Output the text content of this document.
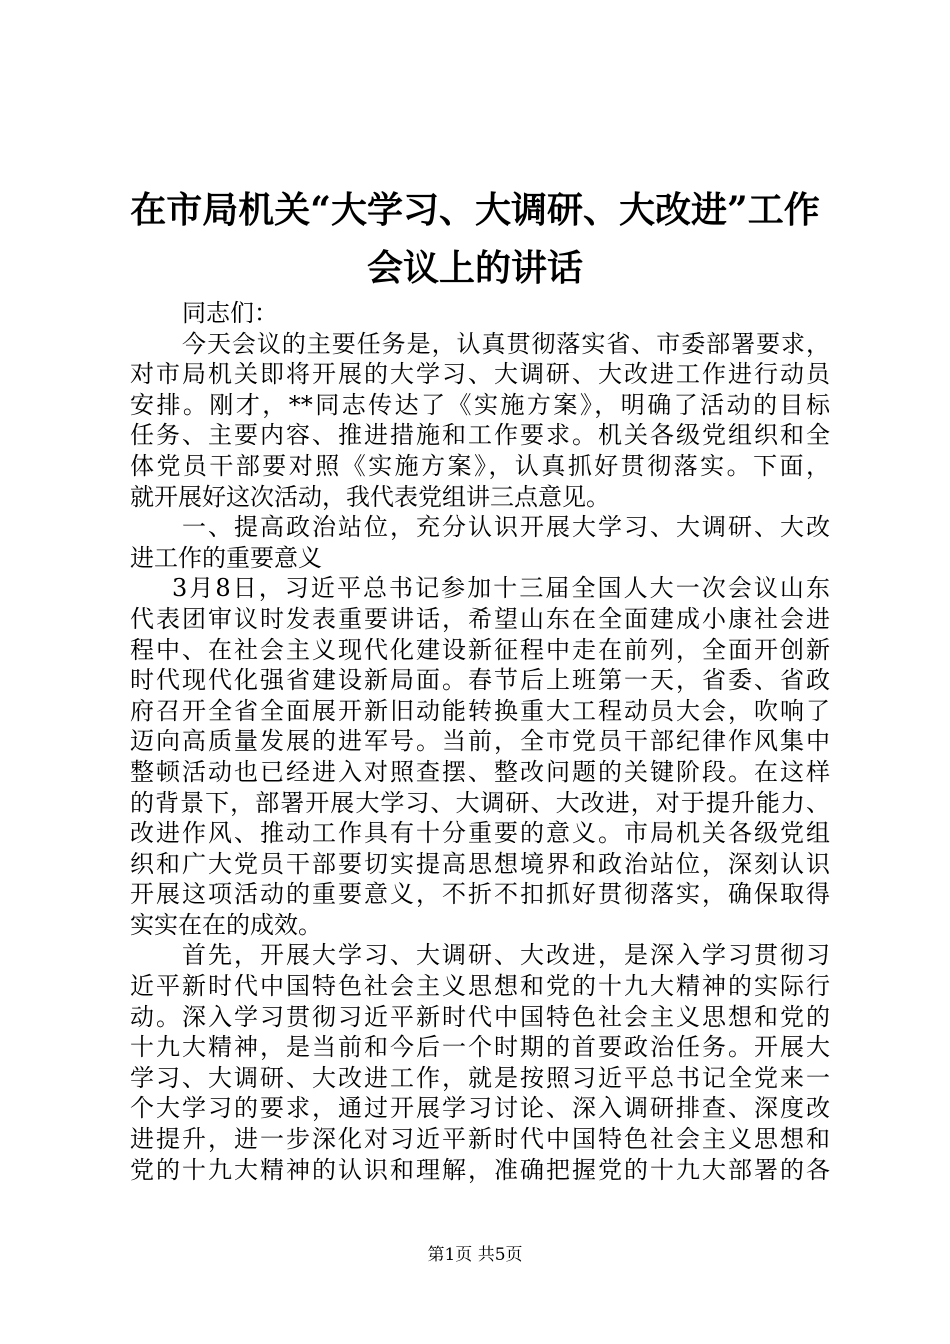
在市局机关“大学习、大调研、大改进”工作
会议上的讲话
同志们：
今天会议的主要任务是，认真贯彻落实省、市委部署要求，
对市局机关即将开展的大学习、大调研、大改进工作进行动员
安排。刚才，**同志传达了《实施方案》，明确了活动的目标
任务、主要内容、推进措施和工作要求。机关各级党组织和全
体党员干部要对照《实施方案》，认真抓好贯彻落实。下面，
就开展好这次活动，我代表党组讲三点意见。
一、提高政治站位，充分认识开展大学习、大调研、大改
进工作的重要意义
3月8日，习近平总书记参加十三届全国人大一次会议山东
代表团审议时发表重要讲话，希望山东在全面建成小康社会进
程中、在社会主义现代化建设新征程中走在前列，全面开创新
时代现代化强省建设新局面。春节后上班第一天，省委、省政
府召开全省全面展开新旧动能转换重大工程动员大会，吹响了
迈向高质量发展的进军号。当前，全市党员干部纪律作风集中
整顿活动也已经进入对照查摆、整改问题的关键阶段。在这样
的背景下，部署开展大学习、大调研、大改进，对于提升能力、
改进作风、推动工作具有十分重要的意义。市局机关各级党组
织和广大党员干部要切实提高思想境界和政治站位，深刻认识
开展这项活动的重要意义，不折不扣抓好贯彻落实，确保取得
实实在在的成效。
首先，开展大学习、大调研、大改进，是深入学习贯彻习
近平新时代中国特色社会主义思想和党的十九大精神的实际行
动。深入学习贯彻习近平新时代中国特色社会主义思想和党的
十九大精神，是当前和今后一个时期的首要政治任务。开展大
学习、大调研、大改进工作，就是按照习近平总书记全党来一
个大学习的要求，通过开展学习讨论、深入调研排查、深度改
进提升，进一步深化对习近平新时代中国特色社会主义思想和
党的十九大精神的认识和理解，准确把握党的十九大部署的各
第1页 共5页
